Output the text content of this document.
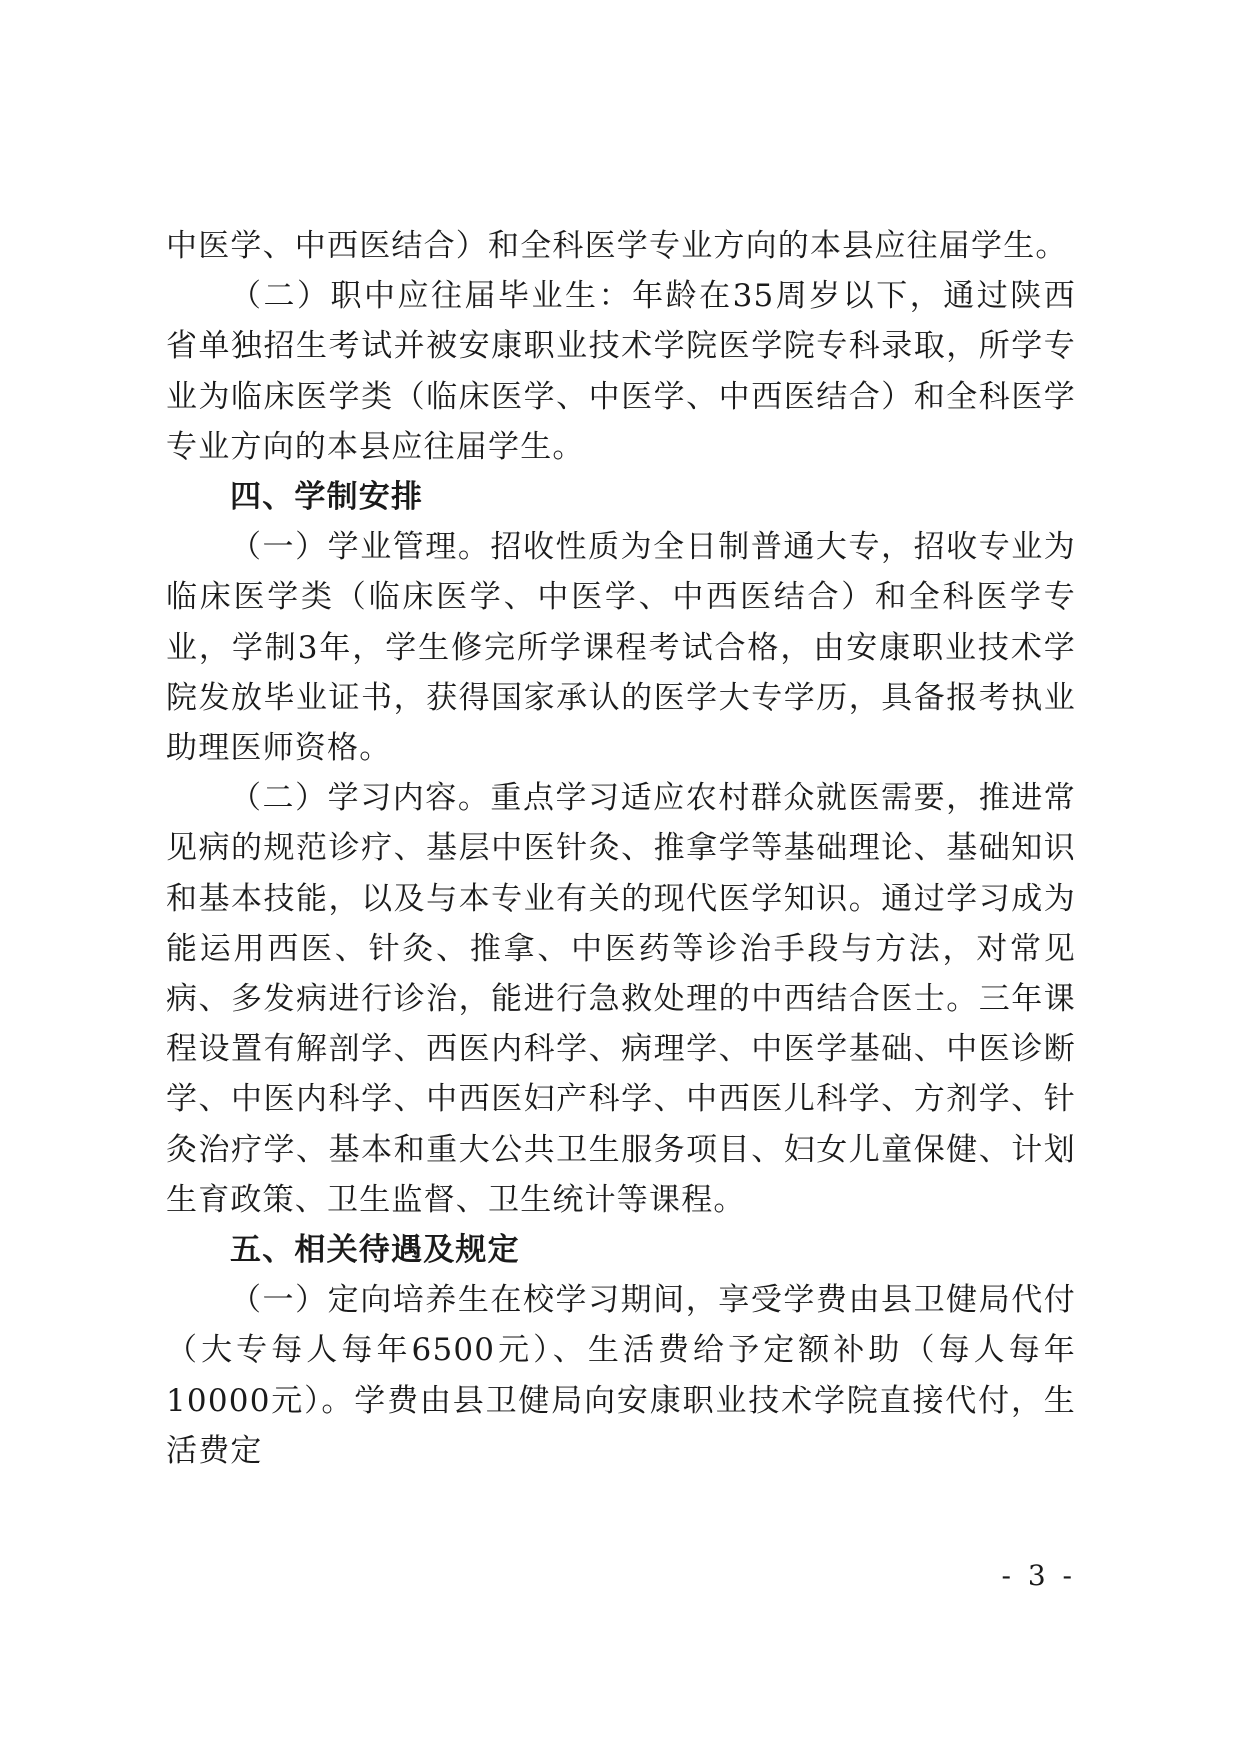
中医学、中西医结合）和全科医学专业方向的本县应往届学生。

（二）职中应往届毕业生：年龄在35周岁以下，通过陕西省单独招生考试并被安康职业技术学院医学院专科录取，所学专业为临床医学类（临床医学、中医学、中西医结合）和全科医学专业方向的本县应往届学生。

四、学制安排

（一）学业管理。招收性质为全日制普通大专，招收专业为临床医学类（临床医学、中医学、中西医结合）和全科医学专业，学制3年，学生修完所学课程考试合格，由安康职业技术学院发放毕业证书，获得国家承认的医学大专学历，具备报考执业助理医师资格。

（二）学习内容。重点学习适应农村群众就医需要，推进常见病的规范诊疗、基层中医针灸、推拿学等基础理论、基础知识和基本技能，以及与本专业有关的现代医学知识。通过学习成为能运用西医、针灸、推拿、中医药等诊治手段与方法，对常见病、多发病进行诊治，能进行急救处理的中西结合医士。三年课程设置有解剖学、西医内科学、病理学、中医学基础、中医诊断学、中医内科学、中西医妇产科学、中西医儿科学、方剂学、针灸治疗学、基本和重大公共卫生服务项目、妇女儿童保健、计划生育政策、卫生监督、卫生统计等课程。

五、相关待遇及规定

（一）定向培养生在校学习期间，享受学费由县卫健局代付（大专每人每年6500元）、生活费给予定额补助（每人每年10000元）。学费由县卫健局向安康职业技术学院直接代付，生活费定

- 3 -
